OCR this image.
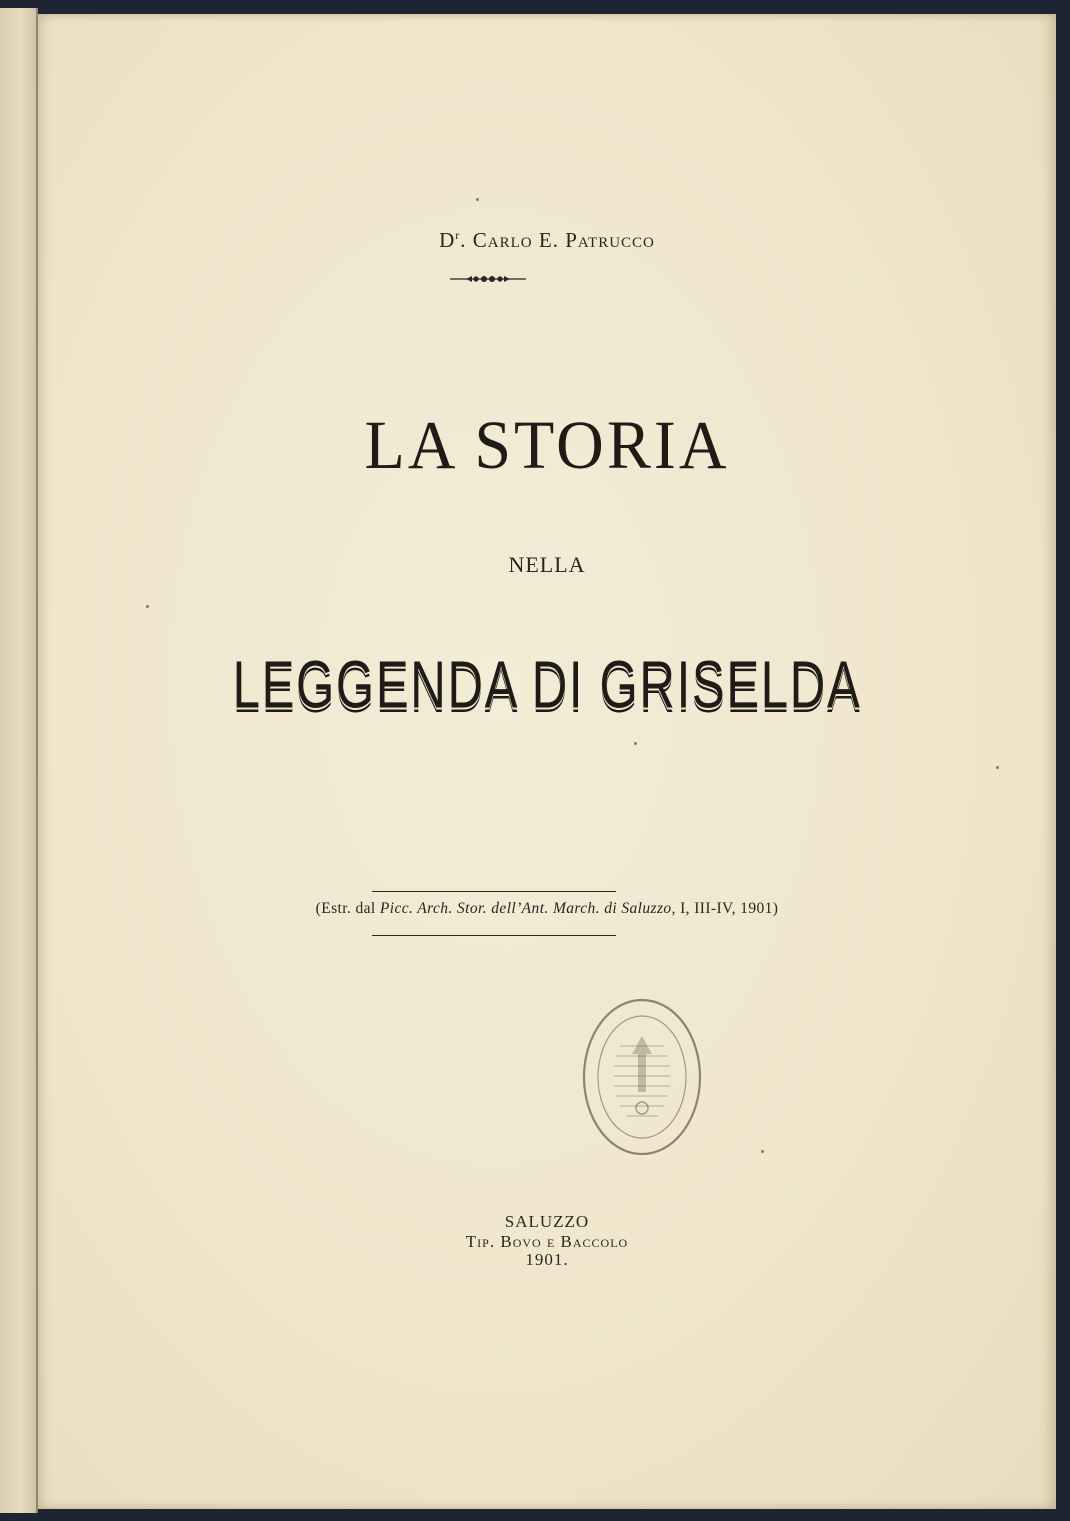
$D^r$. Carlo E. Patrucco
LA STORIA
NELLA
LEGGENDA DI GRISELDA
(Estr. dal Picc. Arch. Stor. dell’Ant. March. di Saluzzo, I, III-IV, 1901)
SALUZZO
Tip. Bovo e Baccolo
1901.
